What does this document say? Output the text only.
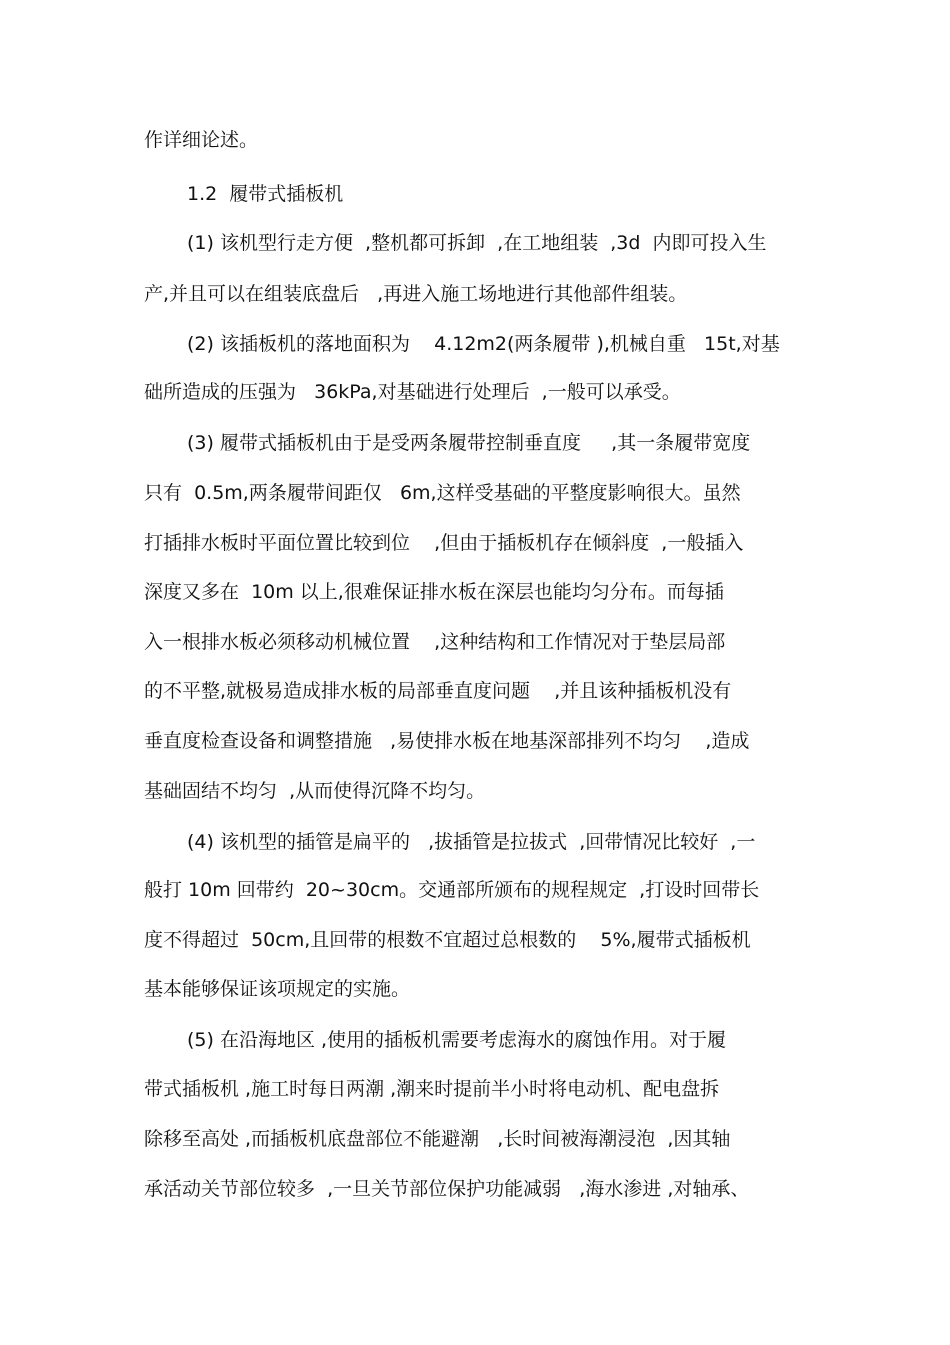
作详细论述。
1.2  履带式插板机
(1) 该机型行走方便  ,整机都可拆卸  ,在工地组装  ,3d  内即可投入生
产,并且可以在组装底盘后   ,再进入施工场地进行其他部件组装。
(2) 该插板机的落地面积为    4.12m2(两条履带 ),机械自重   15t,对基
础所造成的压强为   36kPa,对基础进行处理后  ,一般可以承受。
(3) 履带式插板机由于是受两条履带控制垂直度     ,其一条履带宽度
只有  0.5m,两条履带间距仅   6m,这样受基础的平整度影响很大。虽然
打插排水板时平面位置比较到位    ,但由于插板机存在倾斜度  ,一般插入
深度又多在  10m 以上,很难保证排水板在深层也能均匀分布。而每插
入一根排水板必须移动机械位置    ,这种结构和工作情况对于垫层局部
的不平整,就极易造成排水板的局部垂直度问题    ,并且该种插板机没有
垂直度检查设备和调整措施   ,易使排水板在地基深部排列不均匀    ,造成
基础固结不均匀  ,从而使得沉降不均匀。
(4) 该机型的插管是扁平的   ,拔插管是拉拔式  ,回带情况比较好  ,一
般打 10m 回带约  20~30cm。交通部所颁布的规程规定  ,打设时回带长
度不得超过  50cm,且回带的根数不宜超过总根数的    5%,履带式插板机
基本能够保证该项规定的实施。
(5) 在沿海地区 ,使用的插板机需要考虑海水的腐蚀作用。对于履
带式插板机 ,施工时每日两潮 ,潮来时提前半小时将电动机、配电盘拆
除移至高处 ,而插板机底盘部位不能避潮   ,长时间被海潮浸泡  ,因其轴
承活动关节部位较多  ,一旦关节部位保护功能减弱   ,海水渗进 ,对轴承、
